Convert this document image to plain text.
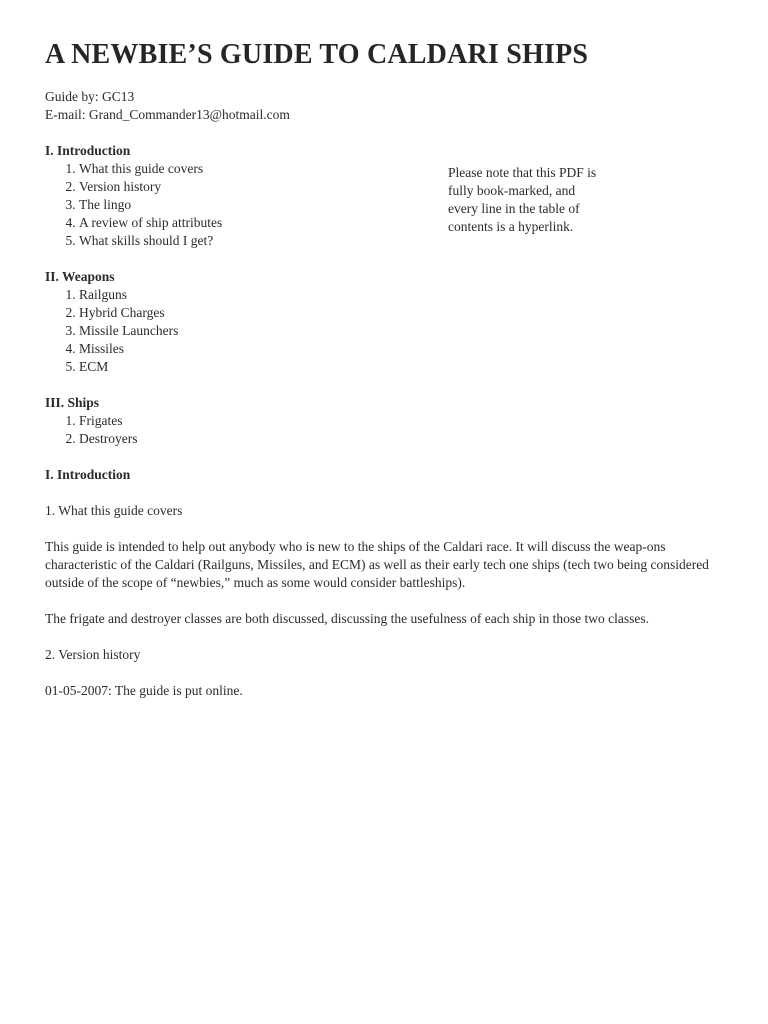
A NEWBIE’S GUIDE TO CALDARI SHIPS

Guide by: GC13

E-mail: Grand_Commander13@hotmail.com

I. Introduction

1. What this guide covers
2. Version history
3. The lingo
4. A review of ship attributes
5. What skills should I get?

II. Weapons

1. Railguns
2. Hybrid Charges
3. Missile Launchers
4. Missiles
5. ECM

III. Ships

1. Frigates
2. Destroyers

I. Introduction

1. What this guide covers

This guide is intended to help out anybody who is new to the ships of the Caldari race. It will discuss the weap-ons characteristic of the Caldari (Railguns, Missiles, and ECM) as well as their early tech one ships (tech two being considered outside of the scope of “newbies,” much as some would consider battleships).

The frigate and destroyer classes are both discussed, discussing the usefulness of each ship in those two classes.

2. Version history

01-05-2007: The guide is put online.

Please note that this PDF is fully book-marked, and every line in the table of contents is a hyperlink.
